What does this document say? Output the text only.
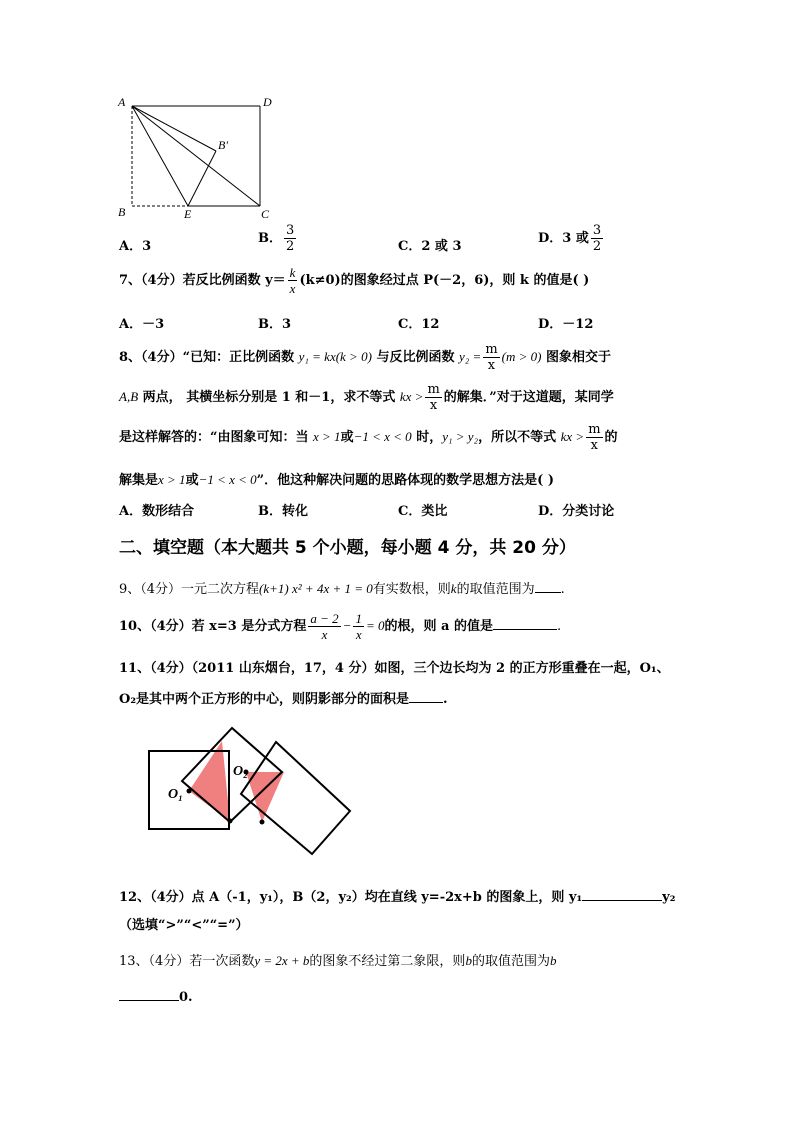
A	D
B'
B	E	C
A．3
B． $\frac{3}{2}$	C．2 或 3
D．3 或 $\frac{3}{2}$
7、（4分）若反比例函数 $y= \frac{k}{x} (k\ne 0)$的图象经过点 P(－2，6)，则 k 的值是( )
A．－3	B．3	C．12	D．－12
8、（4分）“已知：正比例函数 y₁ = kx(k > 0) 与反比例函数 $y_2 = \frac{m}{x} (m > 0)$ 图象相交于
A,B 两点， 其横坐标分别是 1 和－1，求不等式 kx > $\frac{m}{x}$ 的解集．”对于这道题，某同学
是这样解答的：“由图象可知：当 x > 1或−1 < x < 0 时，y₁ > y₂，所以不等式 kx > $\frac{m}{x}$ 的
解集是x > 1或−1 < x < 0”．他这种解决问题的思路体现的数学思想方法是( )
A．数形结合	B．转化	C．类比	D．分类讨论
二、填空题（本大题共 5 个小题，每小题 4 分，共 20 分）
9、（4分）一元二次方程(k+1) x² + 4x + 1 = 0有实数根，则k的取值范围为 .
10、（4分）若 x=3 是分式方程 $\frac{a - 2}{x} - \frac{1}{x} = 0$的根，则 a 的值是	.
11、（4分）（2011 山东烟台，17，4 分）如图，三个边长均为 2 的正方形重叠在一起，O₁、
O₂是其中两个正方形的中心，则阴影部分的面积是	.
O₁
O₂
12、（4分）点 A（-1，y₁），B（2，y₂）均在直线 y=-2x+b 的图象上，则 y₁	y₂
（选填“>”“<”“=”）
13、（4分）若一次函数y = 2x + b的图象不经过第二象限，则b的取值范围为b
0.
